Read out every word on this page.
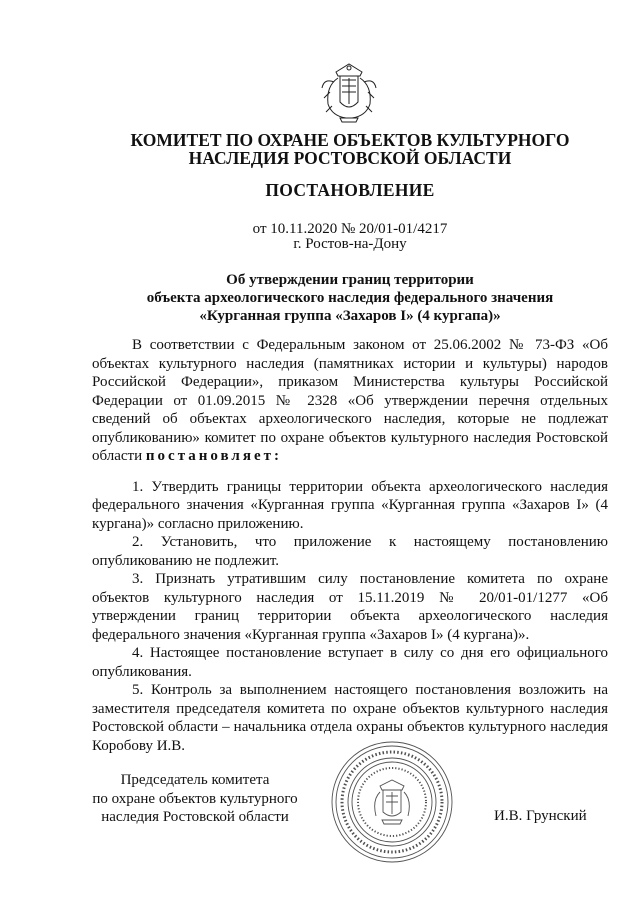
КОМИТЕТ ПО ОХРАНЕ ОБЪЕКТОВ КУЛЬТУРНОГО
НАСЛЕДИЯ РОСТОВСКОЙ ОБЛАСТИ
ПОСТАНОВЛЕНИЕ
от 10.11.2020 № 20/01-01/4217
г. Ростов-на-Дону
Об утверждении границ территории
объекта археологического наследия федерального значения
«Курганная группа «Захаров I» (4 кургапа)»

В соответствии с Федеральным законом от 25.06.2002 № 73-ФЗ «Об объектах культурного наследия (памятниках истории и культуры) народов Российской Федерации», приказом Министерства культуры Российской Федерации от 01.09.2015 № 2328 «Об утверждении перечня отдельных сведений об объектах археологического наследия, которые не подлежат опубликованию» комитет по охране объектов культурного наследия Ростовской области постановляет:

1. Утвердить границы территории объекта археологического наследия федерального значения «Курганная группа «Курганная группа «Захаров I» (4 кургана)» согласно приложению.

2. Установить, что приложение к настоящему постановлению опубликованию не подлежит.

3. Признать утратившим силу постановление комитета по охране объектов культурного наследия от 15.11.2019 № 20/01-01/1277 «Об утверждении границ территории объекта археологического наследия федерального значения «Курганная группа «Захаров I» (4 кургана)».

4. Настоящее постановление вступает в силу со дня его официального опубликования.

5. Контроль за выполнением настоящего постановления возложить на заместителя председателя комитета по охране объектов культурного наследия Ростовской области – начальника отдела охраны объектов культурного наследия Коробову И.В.

Председатель комитета
по охране объектов культурного
наследия Ростовской области	И.В. Грунский
